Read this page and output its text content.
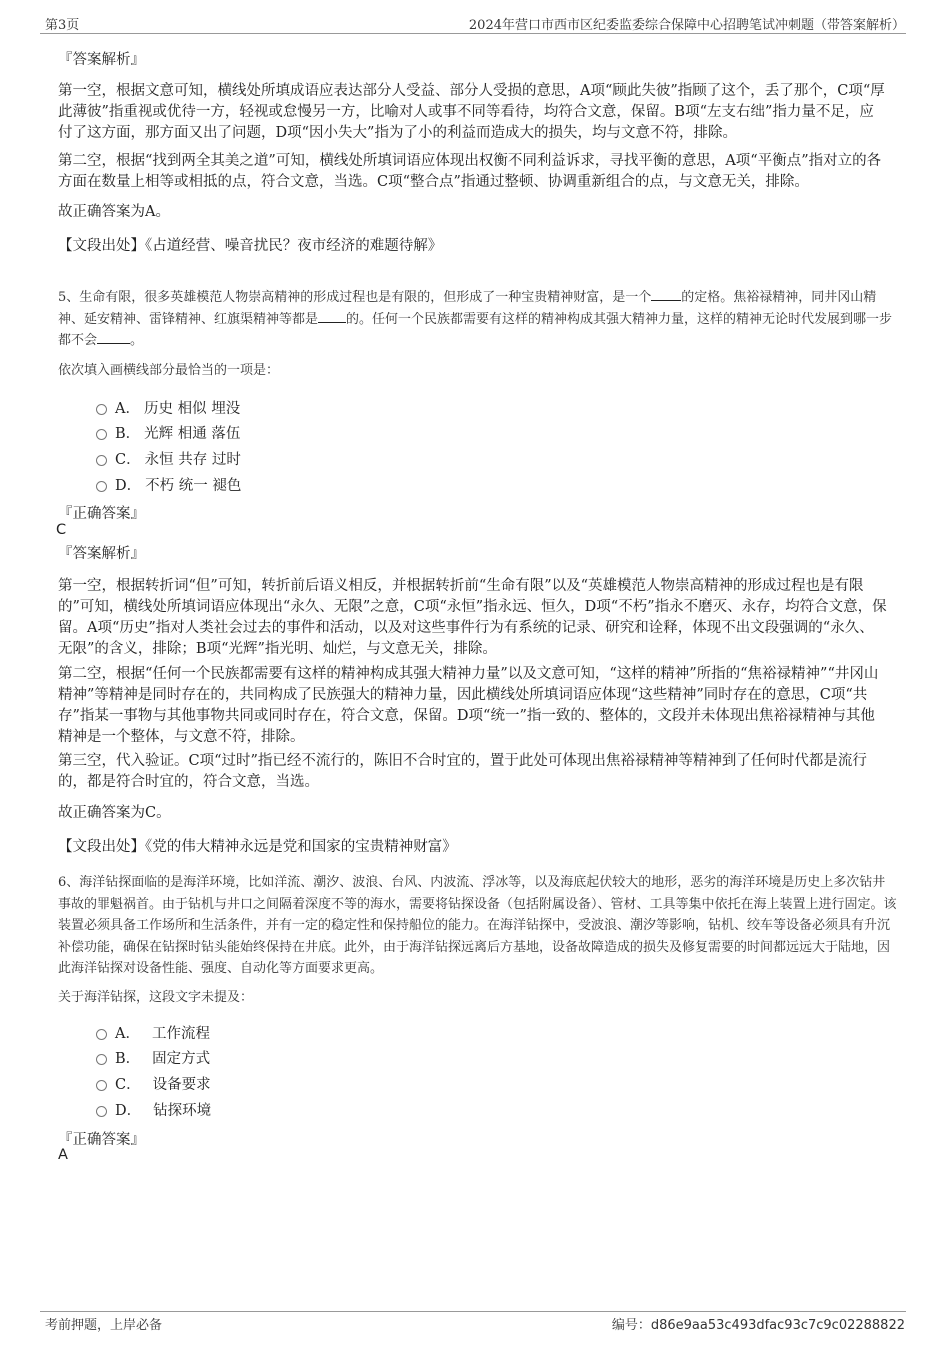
第3页	2024年营口市西市区纪委监委综合保障中心招聘笔试冲刺题（带答案解析）
『答案解析』

第一空，根据文意可知，横线处所填成语应表达部分人受益、部分人受损的意思，A项“顾此失彼”指顾了这个，丢了那个，C项“厚此薄彼”指重视或优待一方，轻视或怠慢另一方，比喻对人或事不同等看待，均符合文意，保留。B项“左支右绌”指力量不足，应付了这方面，那方面又出了问题，D项“因小失大”指为了小的利益而造成大的损失，均与文意不符，排除。

第二空，根据“找到两全其美之道”可知，横线处所填词语应体现出权衡不同利益诉求，寻找平衡的意思，A项“平衡点”指对立的各方面在数量上相等或相抵的点，符合文意，当选。C项“整合点”指通过整顿、协调重新组合的点，与文意无关，排除。

故正确答案为A。
【文段出处】《占道经营、噪音扰民？夜市经济的难题待解》

5、生命有限，很多英雄模范人物崇高精神的形成过程也是有限的，但形成了一种宝贵精神财富，是一个 的定格。焦裕禄精神，同井冈山精神、延安精神、雷锋精神、红旗渠精神等都是 的。任何一个民族都需要有这样的精神构成其强大精神力量，这样的精神无论时代发展到哪一步都不会	。

依次填入画横线部分最恰当的一项是：
A． 历史 相似 埋没
B． 光辉 相通 落伍
C． 永恒 共存 过时
D． 不朽 统一 褪色
『正确答案』
C
『答案解析』

第一空，根据转折词“但”可知，转折前后语义相反，并根据转折前“生命有限”以及“英雄模范人物崇高精神的形成过程也是有限的”可知，横线处所填词语应体现出“永久、无限”之意，C项“永恒”指永远、恒久，D项“不朽”指永不磨灭、永存，均符合文意，保留。A项“历史”指对人类社会过去的事件和活动，以及对这些事件行为有系统的记录、研究和诠释，体现不出文段强调的“永久、无限”的含义，排除；B项“光辉”指光明、灿烂，与文意无关，排除。

第二空，根据“任何一个民族都需要有这样的精神构成其强大精神力量”以及文意可知，“这样的精神”所指的“焦裕禄精神”“井冈山精神”等精神是同时存在的，共同构成了民族强大的精神力量，因此横线处所填词语应体现“这些精神”同时存在的意思，C项“共存”指某一事物与其他事物共同或同时存在，符合文意，保留。D项“统一”指一致的、整体的，文段并未体现出焦裕禄精神与其他精神是一个整体，与文意不符，排除。

第三空，代入验证。C项“过时”指已经不流行的，陈旧不合时宜的，置于此处可体现出焦裕禄精神等精神到了任何时代都是流行的，都是符合时宜的，符合文意，当选。

故正确答案为C。
【文段出处】《党的伟大精神永远是党和国家的宝贵精神财富》

6、海洋钻探面临的是海洋环境，比如洋流、潮汐、波浪、台风、内波流、浮冰等，以及海底起伏较大的地形，恶劣的海洋环境是历史上多次钻井事故的罪魁祸首。由于钻机与井口之间隔着深度不等的海水，需要将钻探设备（包括附属设备）、管材、工具等集中依托在海上装置上进行固定。该装置必须具备工作场所和生活条件，并有一定的稳定性和保持船位的能力。在海洋钻探中，受波浪、潮汐等影响，钻机、绞车等设备必须具有升沉补偿功能，确保在钻探时钻头能始终保持在井底。此外，由于海洋钻探远离后方基地，设备故障造成的损失及修复需要的时间都远远大于陆地，因此海洋钻探对设备性能、强度、自动化等方面要求更高。

关于海洋钻探，这段文字未提及：
A． 工作流程
B． 固定方式
C． 设备要求
D． 钻探环境
『正确答案』
A
考前押题，上岸必备	编号：d86e9aa53c493dfac93c7c9c02288822
